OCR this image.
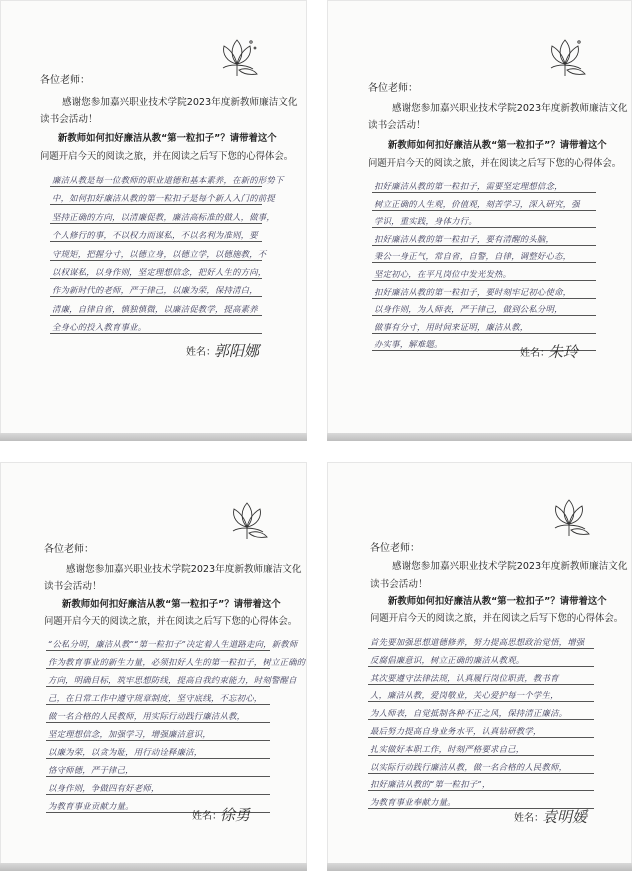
各位老师：
感谢您参加嘉兴职业技术学院2023年度新教师廉洁文化
读书会活动！
新教师如何扣好廉洁从教“第一粒扣子”？请带着这个
问题开启今天的阅读之旅，并在阅读之后写下您的心得体会。
廉洁从教是每一位教师的职业道德和基本素养，在新的形势下
中，如何扣好廉洁从教的第一粒扣子是每个新人入门的前提
坚持正确的方向，以清廉促教，廉洁高标准的做人，做事，
个人修行的事，不以权力而谋私，不以名利为准则，要
守规矩，把握分寸，以德立身，以德立学，以德施教，不
以权谋私，以身作则，坚定理想信念，把好人生的方向，
作为新时代的老师，严于律己，以廉为荣，保持清白，
清廉，自律自省，慎独慎微，以廉洁促教学，提高素养
全身心的投入教育事业。
姓名：
郭阳娜
各位老师：
感谢您参加嘉兴职业技术学院2023年度新教师廉洁文化
读书会活动！
新教师如何扣好廉洁从教“第一粒扣子”？请带着这个
问题开启今天的阅读之旅，并在阅读之后写下您的心得体会。
扣好廉洁从教的第一粒扣子，需要坚定理想信念，
树立正确的人生观，价值观，刻苦学习，深入研究，强
学识，重实践，身体力行。
扣好廉洁从教的第一粒扣子，要有清醒的头脑，
秉公一身正气，常自省，自警，自律，调整好心态，
坚定初心，在平凡岗位中发光发热。
扣好廉洁从教的第一粒扣子，要时刻牢记初心使命，
以身作则，为人师表，严于律己，做到公私分明，
做事有分寸，用时间来证明，廉洁从教，
办实事，解难题。
姓名：
朱玲
各位老师：
感谢您参加嘉兴职业技术学院2023年度新教师廉洁文化
读书会活动！
新教师如何扣好廉洁从教“第一粒扣子”？请带着这个
问题开启今天的阅读之旅，并在阅读之后写下您的心得体会。
“公私分明，廉洁从教”“第一粒扣子”决定着人生道路走向，新教师
作为教育事业的新生力量，必须扣好人生的第一粒扣子，树立正确的
方向，明确目标，筑牢思想防线，提高自我约束能力，时刻警醒自
己，在日常工作中遵守规章制度，坚守底线，不忘初心，
做一名合格的人民教师，用实际行动践行廉洁从教，
坚定理想信念，加强学习，增强廉洁意识，
以廉为荣，以贪为耻，用行动诠释廉洁，
恪守师德，严于律己，
以身作则，争做四有好老师，
为教育事业贡献力量。
姓名：
徐勇
各位老师：
感谢您参加嘉兴职业技术学院2023年度新教师廉洁文化
读书会活动！
新教师如何扣好廉洁从教“第一粒扣子”？请带着这个
问题开启今天的阅读之旅，并在阅读之后写下您的心得体会。
首先要加强思想道德修养，努力提高思想政治觉悟，增强
反腐倡廉意识，树立正确的廉洁从教观。
其次要遵守法律法规，认真履行岗位职责，教书育
人，廉洁从教，爱岗敬业，关心爱护每一个学生，
为人师表，自觉抵制各种不正之风，保持清正廉洁。
最后努力提高自身业务水平，认真钻研教学，
扎实做好本职工作，时刻严格要求自己，
以实际行动践行廉洁从教，做一名合格的人民教师，
扣好廉洁从教的“第一粒扣子”，
为教育事业奉献力量。
姓名：
袁明媛
